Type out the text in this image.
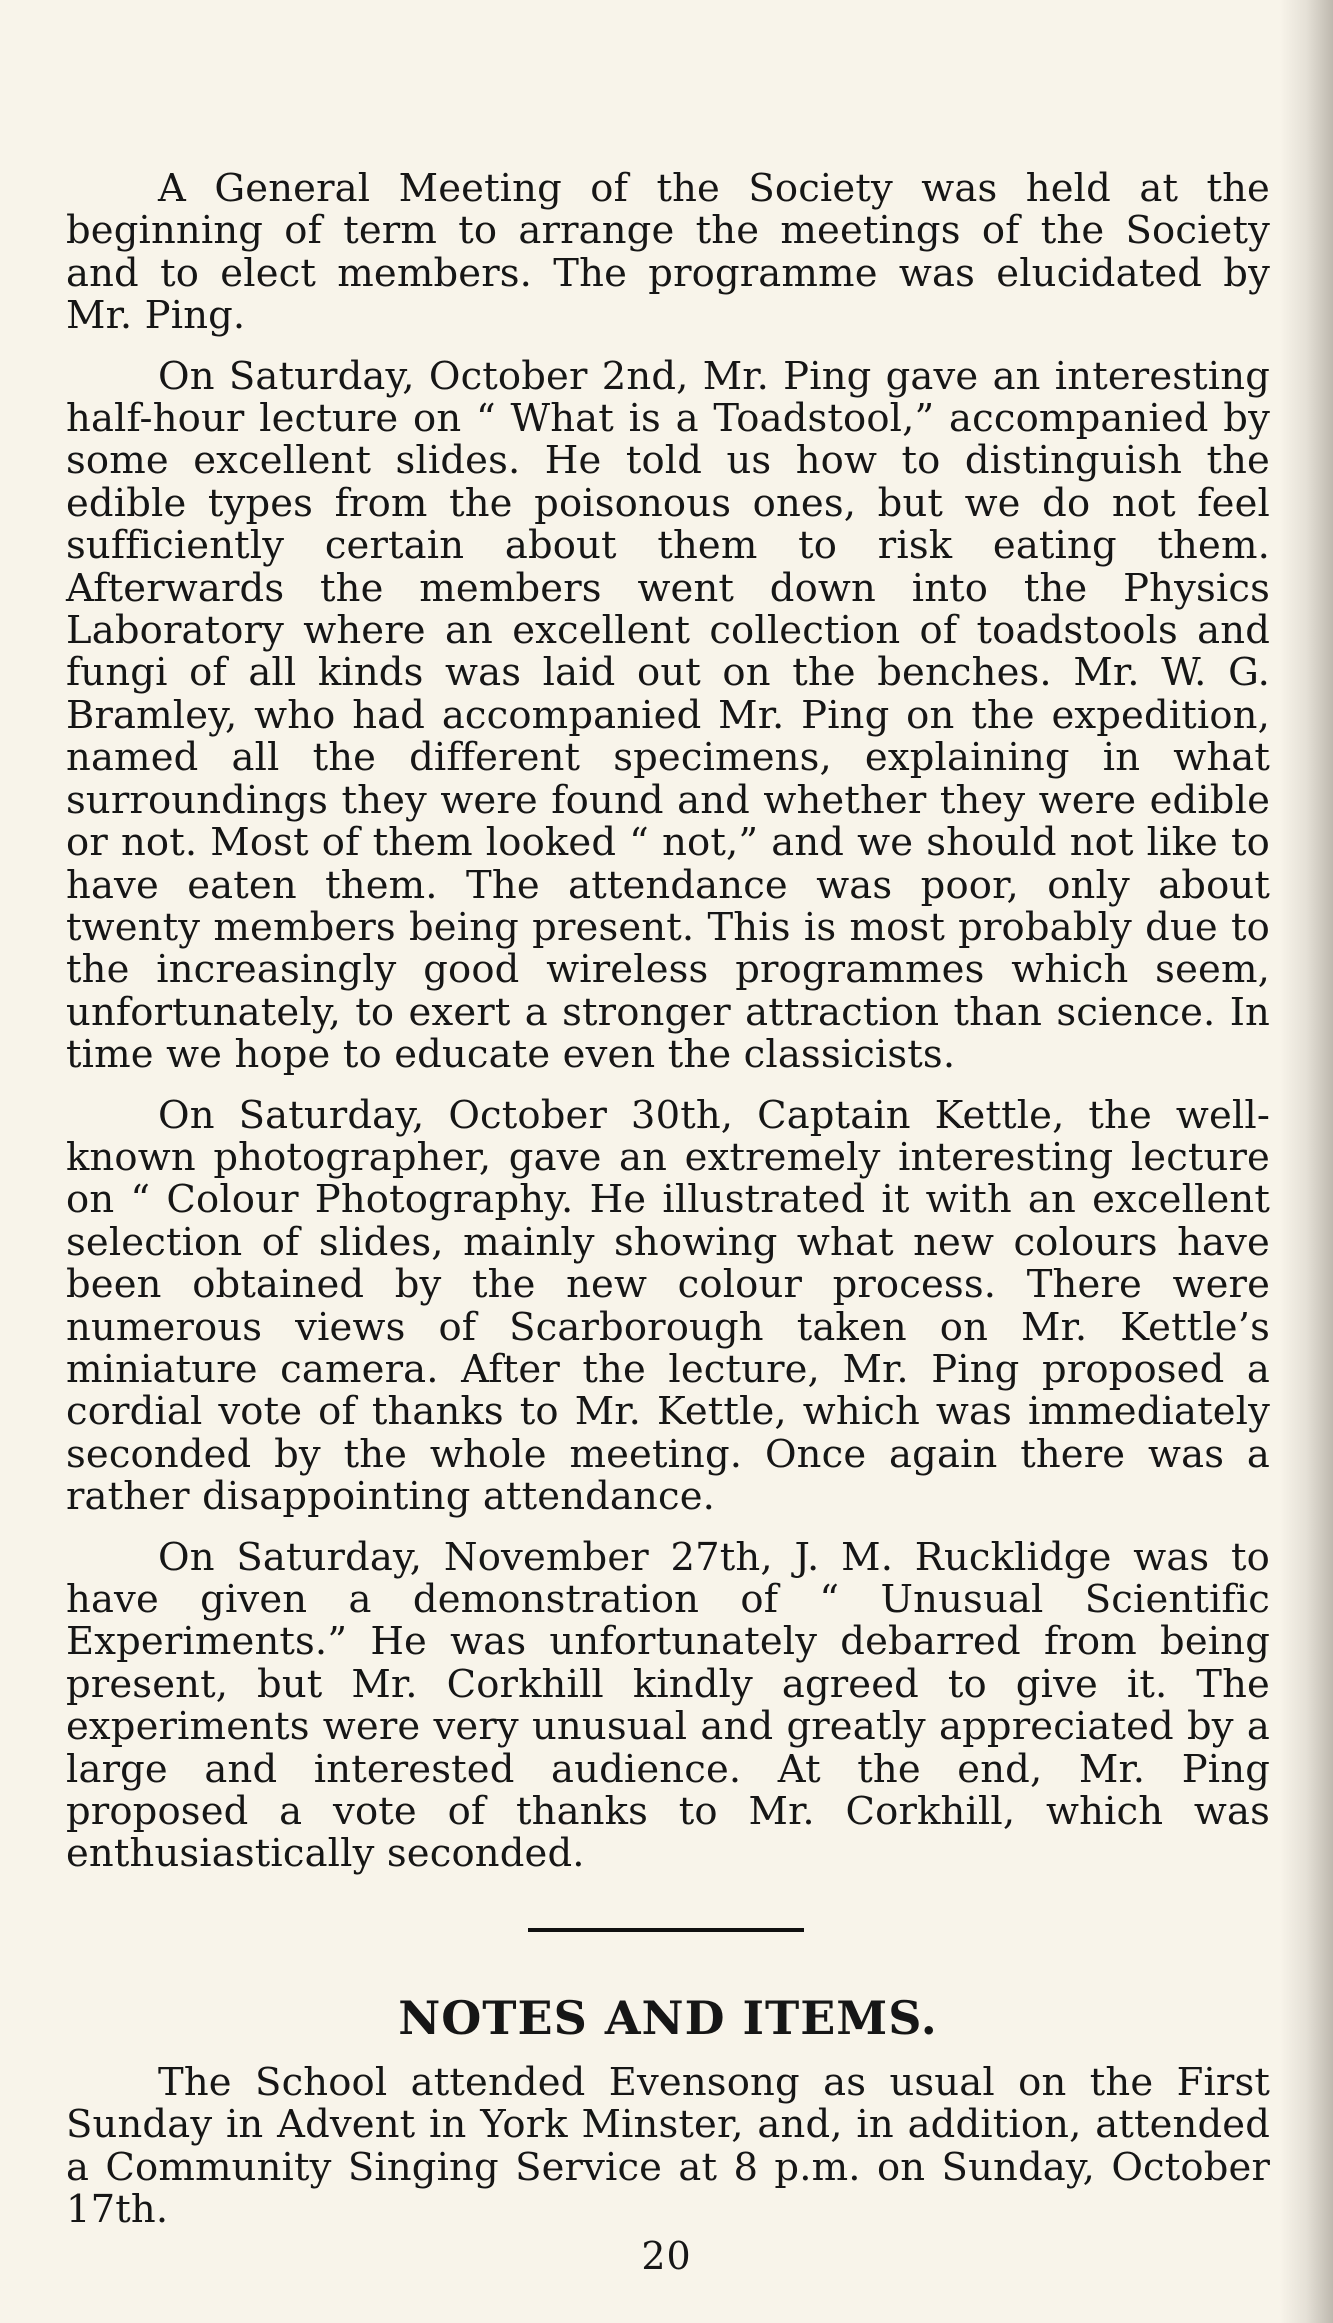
A General Meeting of the Society was held at the beginning of term to arrange the meetings of the Society and to elect members. The programme was elucidated by Mr. Ping.

On Saturday, October 2nd, Mr. Ping gave an interesting half-hour lecture on “ What is a Toadstool,” accompanied by some excellent slides. He told us how to distinguish the edible types from the poisonous ones, but we do not feel sufficiently certain about them to risk eating them. Afterwards the members went down into the Physics Laboratory where an excellent collection of toadstools and fungi of all kinds was laid out on the benches. Mr. W. G. Bramley, who had accompanied Mr. Ping on the expedition, named all the different specimens, explaining in what surroundings they were found and whether they were edible or not. Most of them looked “ not,” and we should not like to have eaten them. The attendance was poor, only about twenty members being present. This is most probably due to the increasingly good wireless programmes which seem, unfortunately, to exert a stronger attraction than science. In time we hope to educate even the classicists.

On Saturday, October 30th, Captain Kettle, the well-known photographer, gave an extremely interesting lecture on “ Colour Photography. He illustrated it with an excellent selection of slides, mainly showing what new colours have been obtained by the new colour process. There were numerous views of Scarborough taken on Mr. Kettle’s miniature camera. After the lecture, Mr. Ping proposed a cordial vote of thanks to Mr. Kettle, which was immediately seconded by the whole meeting. Once again there was a rather disappointing attendance.

On Saturday, November 27th, J. M. Rucklidge was to have given a demonstration of “ Unusual Scientific Experiments.” He was unfortunately debarred from being present, but Mr. Corkhill kindly agreed to give it. The experiments were very unusual and greatly appreciated by a large and interested audience. At the end, Mr. Ping proposed a vote of thanks to Mr. Corkhill, which was enthusiastically seconded.

NOTES AND ITEMS.

The School attended Evensong as usual on the First Sunday in Advent in York Minster, and, in addition, attended a Community Singing Service at 8 p.m. on Sunday, October 17th.

20
